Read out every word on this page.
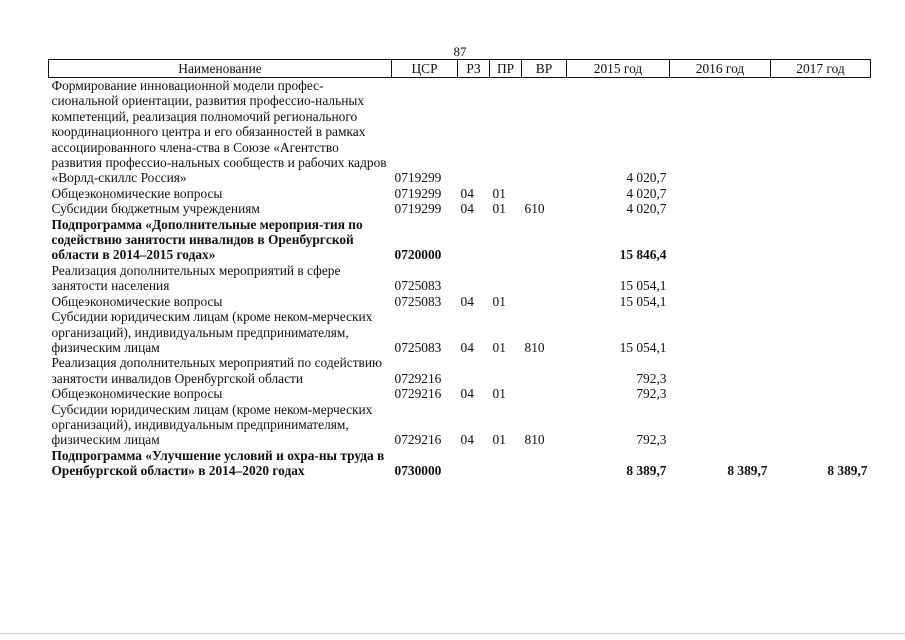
87
Наименование	ЦСР	РЗ	ПР	ВР	2015 год	2016 год	2017 год
Формирование инновационной модели профес-сиональной ориентации, развития профессио-нальных компетенций, реализация полномочий регионального координационного центра и его обязанностей в рамках ассоциированного члена-ства в Союзе «Агентство развития профессио-нальных сообществ и рабочих кадров «Ворлд-скиллс Россия»	0719299				4 020,7		
Общеэкономические вопросы	0719299	04	01		4 020,7		
Субсидии бюджетным учреждениям	0719299	04	01	610	4 020,7		
Подпрограмма «Дополнительные мероприя-тия по содействию занятости инвалидов в Оренбургской области в 2014–2015 годах»	0720000				15 846,4		
Реализация дополнительных мероприятий в сфере занятости населения	0725083				15 054,1		
Общеэкономические вопросы	0725083	04	01		15 054,1		
Субсидии юридическим лицам (кроме неком-мерческих организаций), индивидуальным предпринимателям, физическим лицам	0725083	04	01	810	15 054,1		
Реализация дополнительных мероприятий по содействию занятости инвалидов Оренбургской области	0729216				792,3		
Общеэкономические вопросы	0729216	04	01		792,3		
Субсидии юридическим лицам (кроме неком-мерческих организаций), индивидуальным предпринимателям, физическим лицам	0729216	04	01	810	792,3		
Подпрограмма «Улучшение условий и охра-ны труда в Оренбургской области» в 2014–2020 годах	0730000				8 389,7	8 389,7	8 389,7
